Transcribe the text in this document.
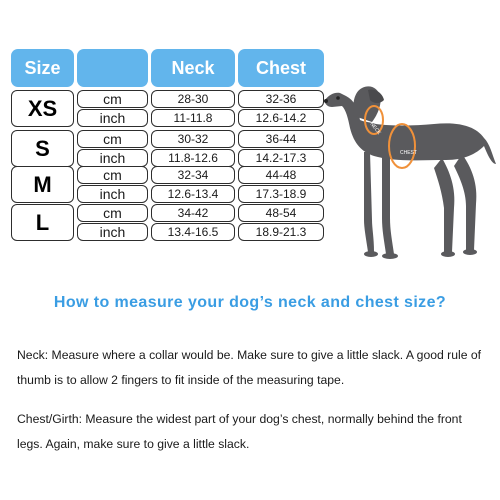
Size	Neck	Chest
XS	cm	28-30	32-36
inch	11-11.8	12.6-14.2
S	cm	30-32	36-44
inch	11.8-12.6	14.2-17.3
M	cm	32-34	44-48
inch	12.6-13.4	17.3-18.9
L	cm	34-42	48-54
inch	13.4-16.5	18.9-21.3
NECK
CHEST
How to measure your dog’s neck and chest size?

Neck: Measure where a collar would be. Make sure to give a little slack. A good rule of thumb is to allow 2 fingers to fit inside of the measuring tape.

Chest/Girth: Measure the widest part of your dog’s chest, normally behind the front legs. Again, make sure to give a little slack.
